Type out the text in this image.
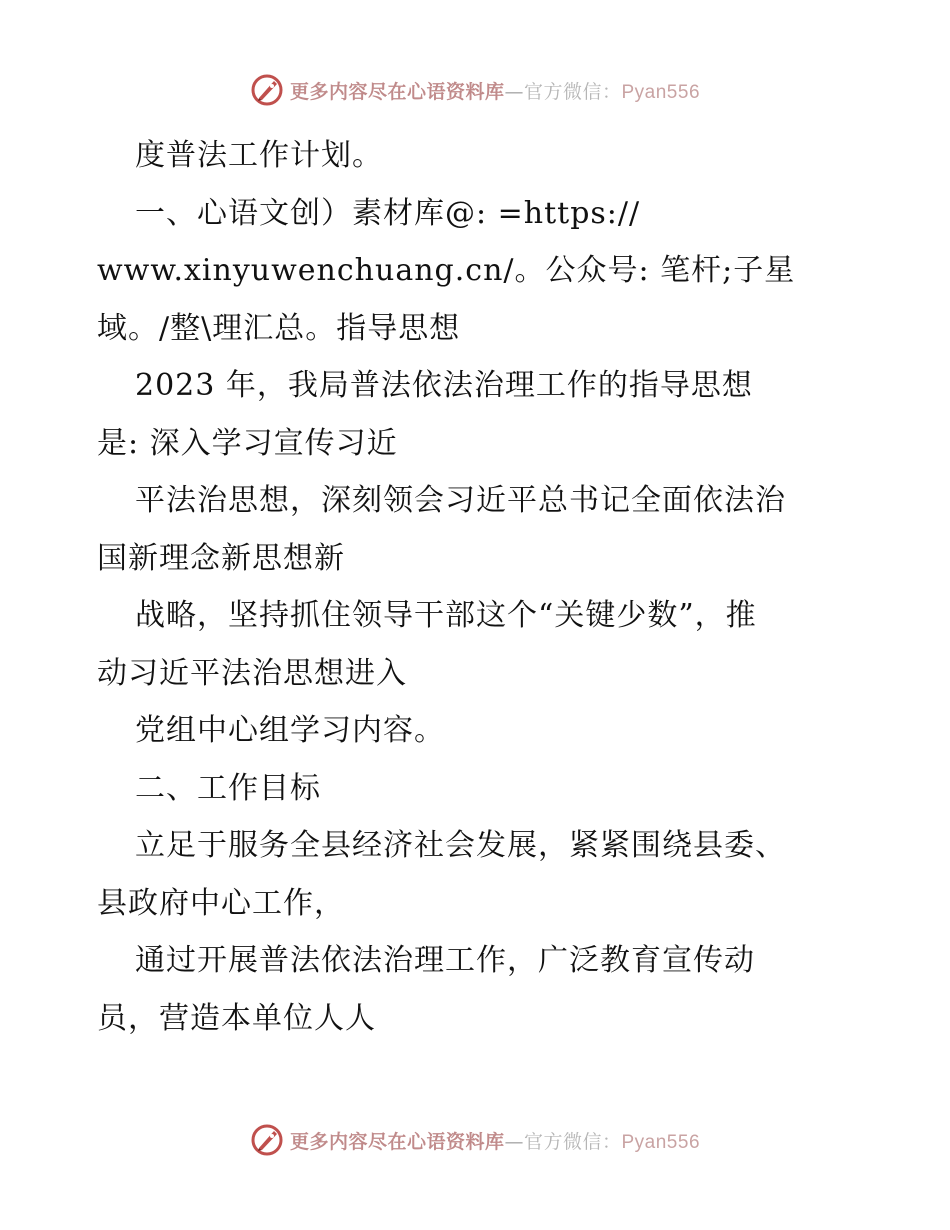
更多内容尽在心语资料库—官方微信：Pyan556

度普法工作计划。

一、心语文创）素材库@: =https://

www.xinyuwenchuang.cn/。公众号: 笔杆;子星

域。/整\理汇总。指导思想

2023 年，我局普法依法治理工作的指导思想

是: 深入学习宣传习近

平法治思想，深刻领会习近平总书记全面依法治

国新理念新思想新

战略，坚持抓住领导干部这个“关键少数”，推

动习近平法治思想进入

党组中心组学习内容。

二、工作目标

立足于服务全县经济社会发展，紧紧围绕县委、

县政府中心工作，

通过开展普法依法治理工作，广泛教育宣传动

员，营造本单位人人

更多内容尽在心语资料库—官方微信：Pyan556
